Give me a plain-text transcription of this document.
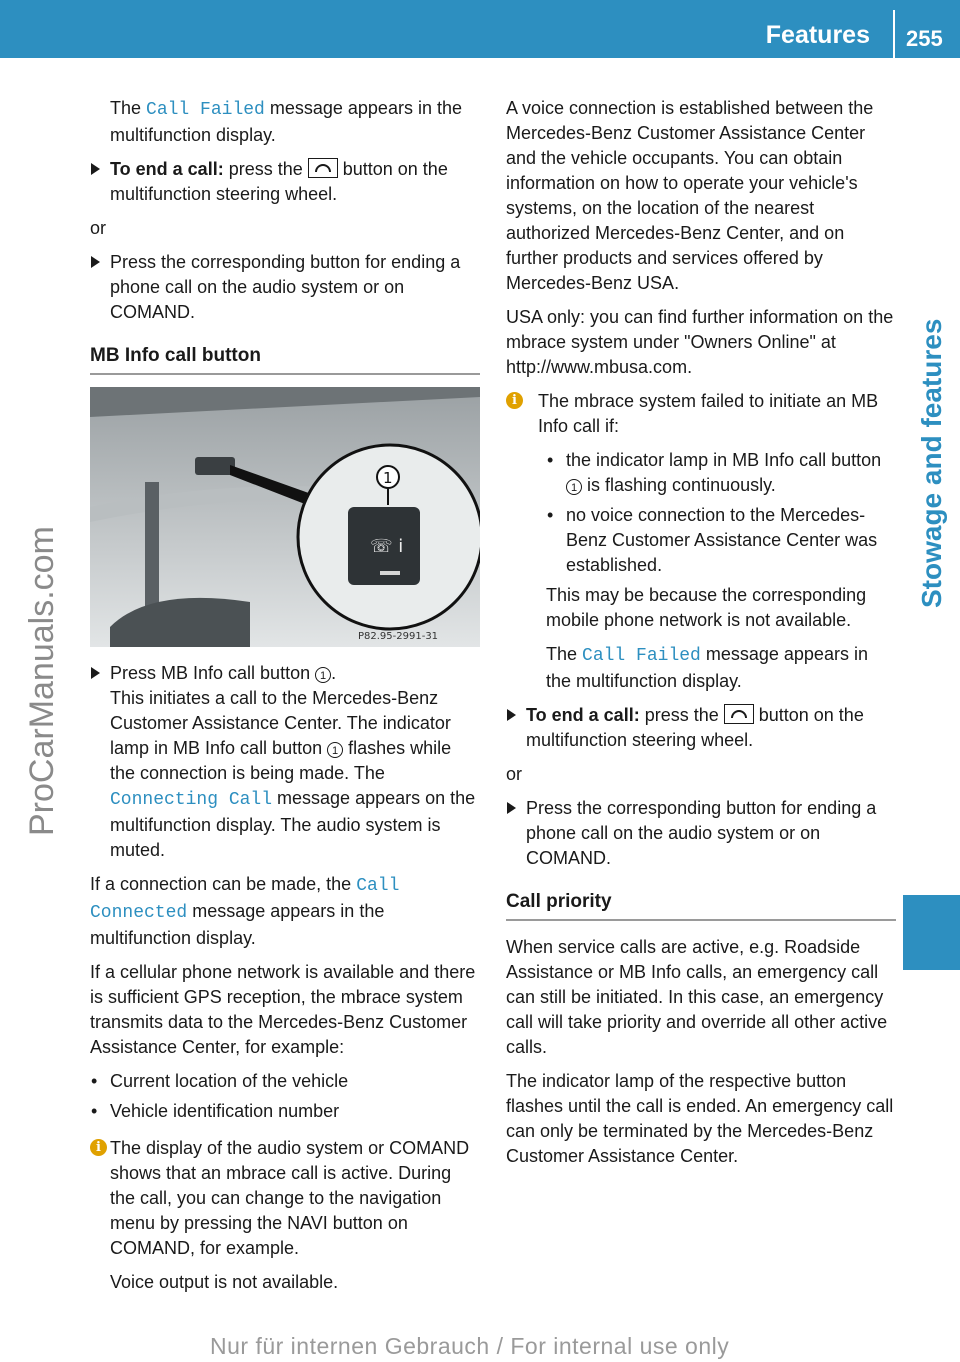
Features 255
Stowage and features
ProCarManuals.com

The Call Failed message appears in the multifunction display.

To end a call: press the  button on the multifunction steering wheel.

or

Press the corresponding button for ending a phone call on the audio system or on COMAND.
MB Info call button
☏ i
1
P82.95-2991-31
Press MB Info call button 1 .
This initiates a call to the Mercedes-Benz Customer Assistance Center. The indicator lamp in MB Info call button 1 flashes while the connection is being made. The Connecting Call message appears on the multifunction display. The audio system is muted.

If a connection can be made, the Call Connected message appears in the multifunction display.

If a cellular phone network is available and there is sufficient GPS reception, the mbrace system transmits data to the Mercedes-Benz Customer Assistance Center, for example:

• Current location of the vehicle
• Vehicle identification number
i The display of the audio system or COMAND shows that an mbrace call is active. During the call, you can change to the navigation menu by pressing the NAVI button on COMAND, for example.

Voice output is not available.

A voice connection is established between the Mercedes-Benz Customer Assistance Center and the vehicle occupants. You can obtain information on how to operate your vehicle's systems, on the location of the nearest authorized Mercedes-Benz Center, and on further products and services offered by Mercedes-Benz USA.

USA only: you can find further information on the mbrace system under "Owners Online" at http://www.mbusa.com.

i	The mbrace system failed to initiate an MB Info call if:

• the indicator lamp in MB Info call button 1 is flashing continuously.
• no voice connection to the Mercedes-Benz Customer Assistance Center was established.

This may be because the corresponding mobile phone network is not available.

The Call Failed message appears in the multifunction display.

To end a call: press the  button on the multifunction steering wheel.

or

Press the corresponding button for ending a phone call on the audio system or on COMAND.
Call priority

When service calls are active, e.g. Roadside Assistance or MB Info calls, an emergency call can still be initiated. In this case, an emergency call will take priority and override all other active calls.

The indicator lamp of the respective button flashes until the call is ended. An emergency call can only be terminated by the Mercedes-Benz Customer Assistance Center.

Nur für internen Gebrauch / For internal use only
